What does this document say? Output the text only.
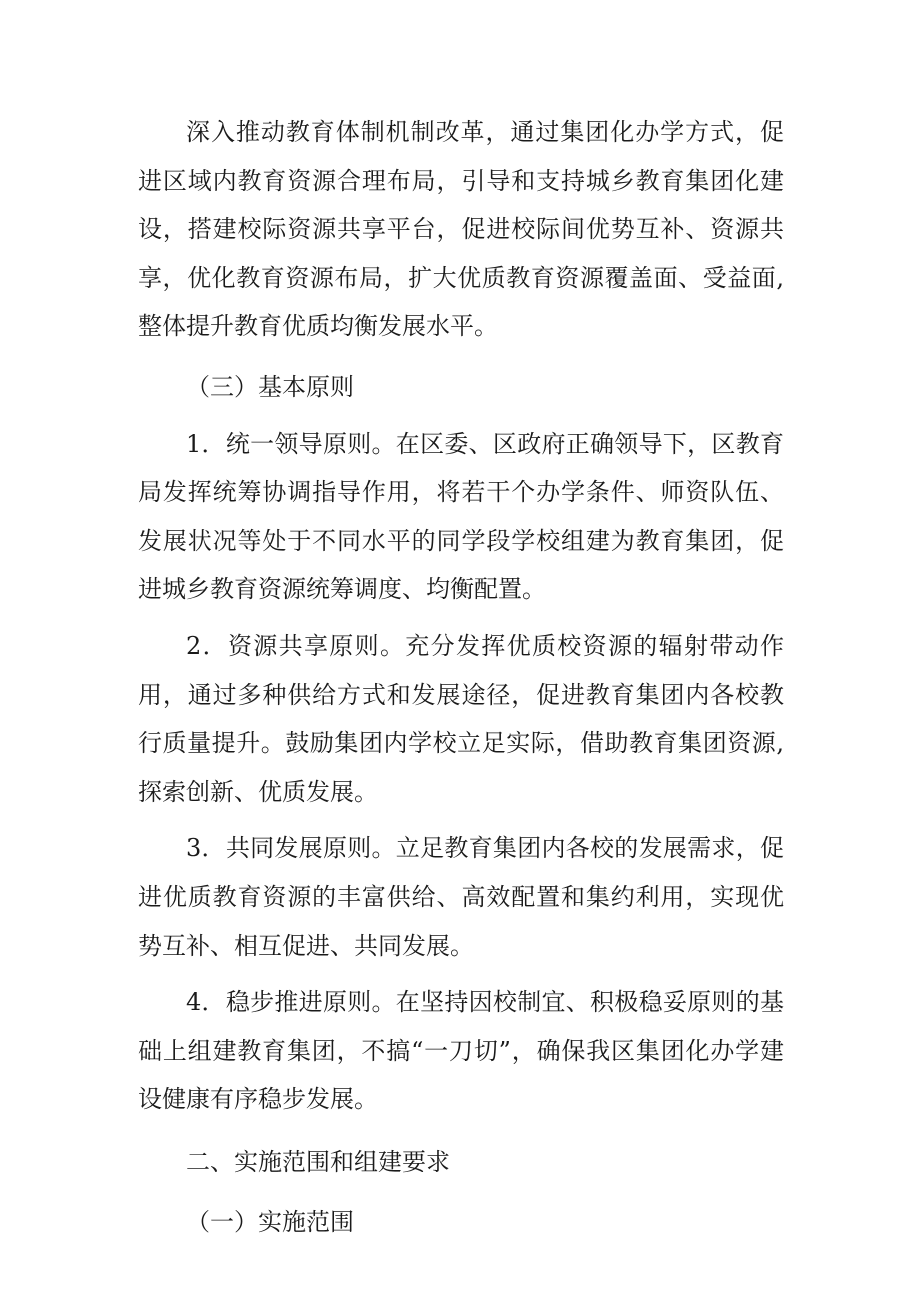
深入推动教育体制机制改革，通过集团化办学方式，促进区域内教育资源合理布局，引导和支持城乡教育集团化建设，搭建校际资源共享平台，促进校际间优势互补、资源共享，优化教育资源布局，扩大优质教育资源覆盖面、受益面,整体提升教育优质均衡发展水平。

（三）基本原则

1．统一领导原则。在区委、区政府正确领导下，区教育局发挥统筹协调指导作用，将若干个办学条件、师资队伍、发展状况等处于不同水平的同学段学校组建为教育集团，促进城乡教育资源统筹调度、均衡配置。

2．资源共享原则。充分发挥优质校资源的辐射带动作用，通过多种供给方式和发展途径，促进教育集团内各校教行质量提升。鼓励集团内学校立足实际，借助教育集团资源,探索创新、优质发展。

3．共同发展原则。立足教育集团内各校的发展需求，促进优质教育资源的丰富供给、高效配置和集约利用，实现优势互补、相互促进、共同发展。

4．稳步推进原则。在坚持因校制宜、积极稳妥原则的基础上组建教育集团，不搞“一刀切”，确保我区集团化办学建设健康有序稳步发展。

二、实施范围和组建要求

（一）实施范围
